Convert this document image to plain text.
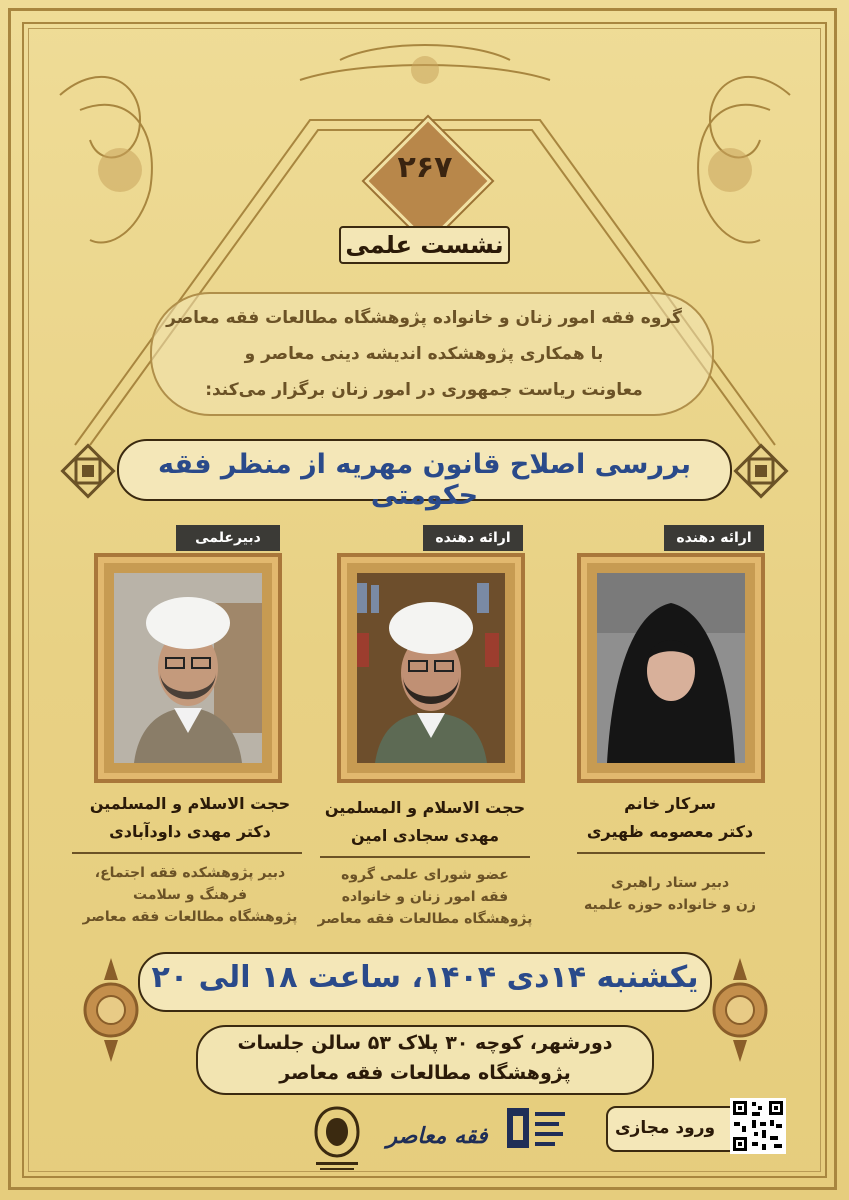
۲۶۷
نشست علمی
گروه فقه امور زنان و خانواده پژوهشگاه مطالعات فقه معاصر
با همکاری پژوهشکده اندیشه دینی معاصر و
معاونت ریاست جمهوری در امور زنان برگزار می‌کند:
بررسی اصلاح قانون مهریه از منظر فقه حکومتی
دبیرعلمی
حجت الاسلام و المسلمین
دکتر مهدی داودآبادی
دبیر پژوهشکده فقه اجتماع،
فرهنگ و سلامت
پژوهشگاه مطالعات فقه معاصر
ارائه دهنده
حجت الاسلام و المسلمین
مهدی سجادی امین
عضو شوراى علمی گروه
فقه امور زنان و خانواده
پژوهشگاه مطالعات فقه معاصر
ارائه دهنده
سرکار خانم
دکتر معصومه ظهیری
دبیر ستاد راهبری
زن و خانواده حوزه علمیه
یکشنبه ۱۴دی ۱۴۰۴، ساعت ۱۸ الی ۲۰
دورشهر، کوچه ۳۰ پلاک ۵۳ سالن جلسات
پژوهشگاه مطالعات فقه معاصر
فقه معاصر	ورود مجازی
